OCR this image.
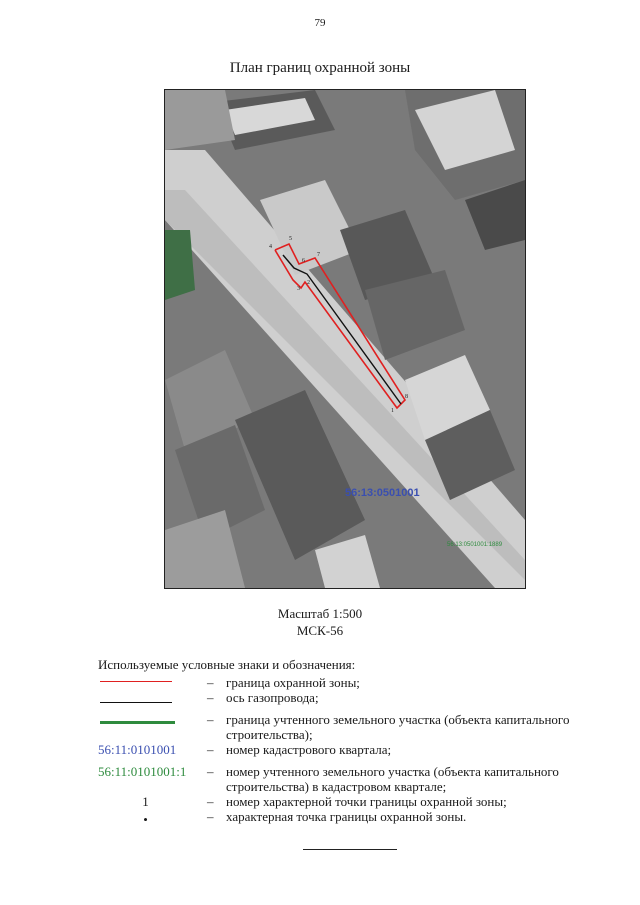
79
План границ охранной зоны
4
5
6
7
8
1
3
2
56:13:0501001
56:13:0501001:1889
Масштаб 1:500
МСК-56
Используемые условные знаки и обозначения:
– граница охранной зоны;
– ось газопровода;
– граница учтенного земельного участка (объекта капитального строительства);
56:11:0101001	– номер кадастрового квартала;
56:11:0101001:1	– номер учтенного земельного участка (объекта капитального строительства) в кадастровом квартале;
1	– номер характерной точки границы охранной зоны;
•	– характерная точка границы охранной зоны.
